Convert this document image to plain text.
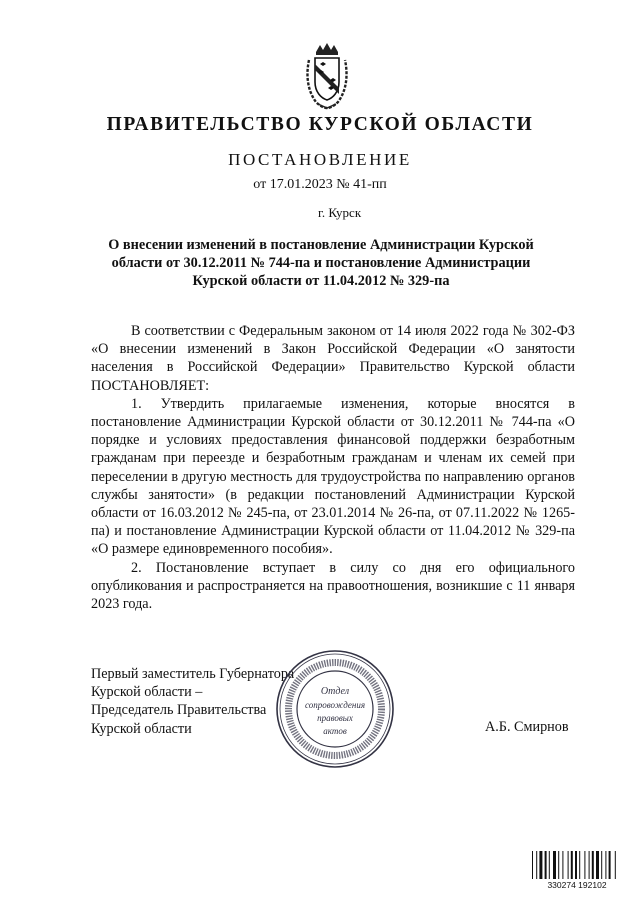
ПРАВИТЕЛЬСТВО КУРСКОЙ ОБЛАСТИ
ПОСТАНОВЛЕНИЕ
от 17.01.2023 № 41-пп
г. Курск
О внесении изменений в постановление Администрации Курской области от 30.12.2011 № 744-па и постановление Администрации Курской области от 11.04.2012 № 329-па

В соответствии с Федеральным законом от 14 июля 2022 года № 302-ФЗ «О внесении изменений в Закон Российской Федерации «О занятости населения в Российской Федерации» Правительство Курской области ПОСТАНОВЛЯЕТ:

1. Утвердить прилагаемые изменения, которые вносятся в постановление Администрации Курской области от 30.12.2011 № 744-па «О порядке и условиях предоставления финансовой поддержки безработным гражданам при переезде и безработным гражданам и членам их семей при переселении в другую местность для трудоустройства по направлению органов службы занятости» (в редакции постановлений Администрации Курской области от 16.03.2012 № 245-па, от 23.01.2014 № 26-па, от 07.11.2022 № 1265-па) и постановление Администрации Курской области от 11.04.2012 № 329-па «О размере единовременного пособия».

2. Постановление вступает в силу со дня его официального опубликования и распространяется на правоотношения, возникшие с 11 января 2023 года.

Первый заместитель Губернатора
Курской области –
Председатель Правительства
Курской области	А.Б. Смирнов
Отдел
сопровождения
правовых
актов
330274 192102
